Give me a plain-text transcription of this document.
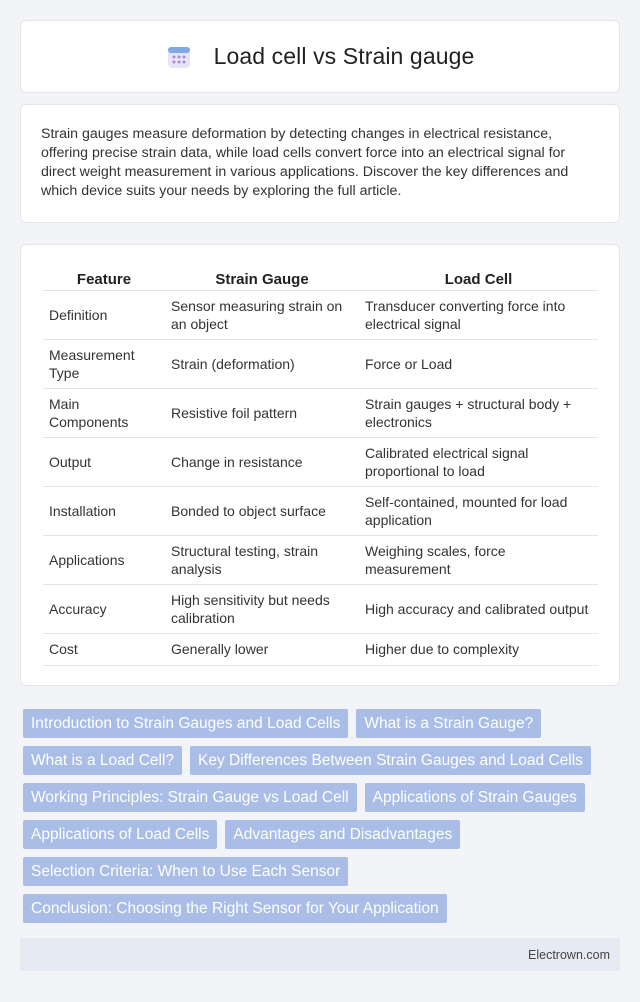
Load cell vs Strain gauge

Strain gauges measure deformation by detecting changes in electrical resistance, offering precise strain data, while load cells convert force into an electrical signal for direct weight measurement in various applications. Discover the key differences and which device suits your needs by exploring the full article.

Feature	Strain Gauge	Load Cell
Definition	Sensor measuring strain on an object	Transducer converting force into electrical signal
Measurement Type	Strain (deformation)	Force or Load
Main Components	Resistive foil pattern	Strain gauges + structural body + electronics
Output	Change in resistance	Calibrated electrical signal proportional to load
Installation	Bonded to object surface	Self-contained, mounted for load application
Applications	Structural testing, strain analysis	Weighing scales, force measurement
Accuracy	High sensitivity but needs calibration	High accuracy and calibrated output
Cost	Generally lower	Higher due to complexity
Introduction to Strain Gauges and Load Cells	What is a Strain Gauge?
What is a Load Cell?	Key Differences Between Strain Gauges and Load Cells
Working Principles: Strain Gauge vs Load Cell	Applications of Strain Gauges
Applications of Load Cells	Advantages and Disadvantages
Selection Criteria: When to Use Each Sensor
Conclusion: Choosing the Right Sensor for Your Application
Electrown.com
